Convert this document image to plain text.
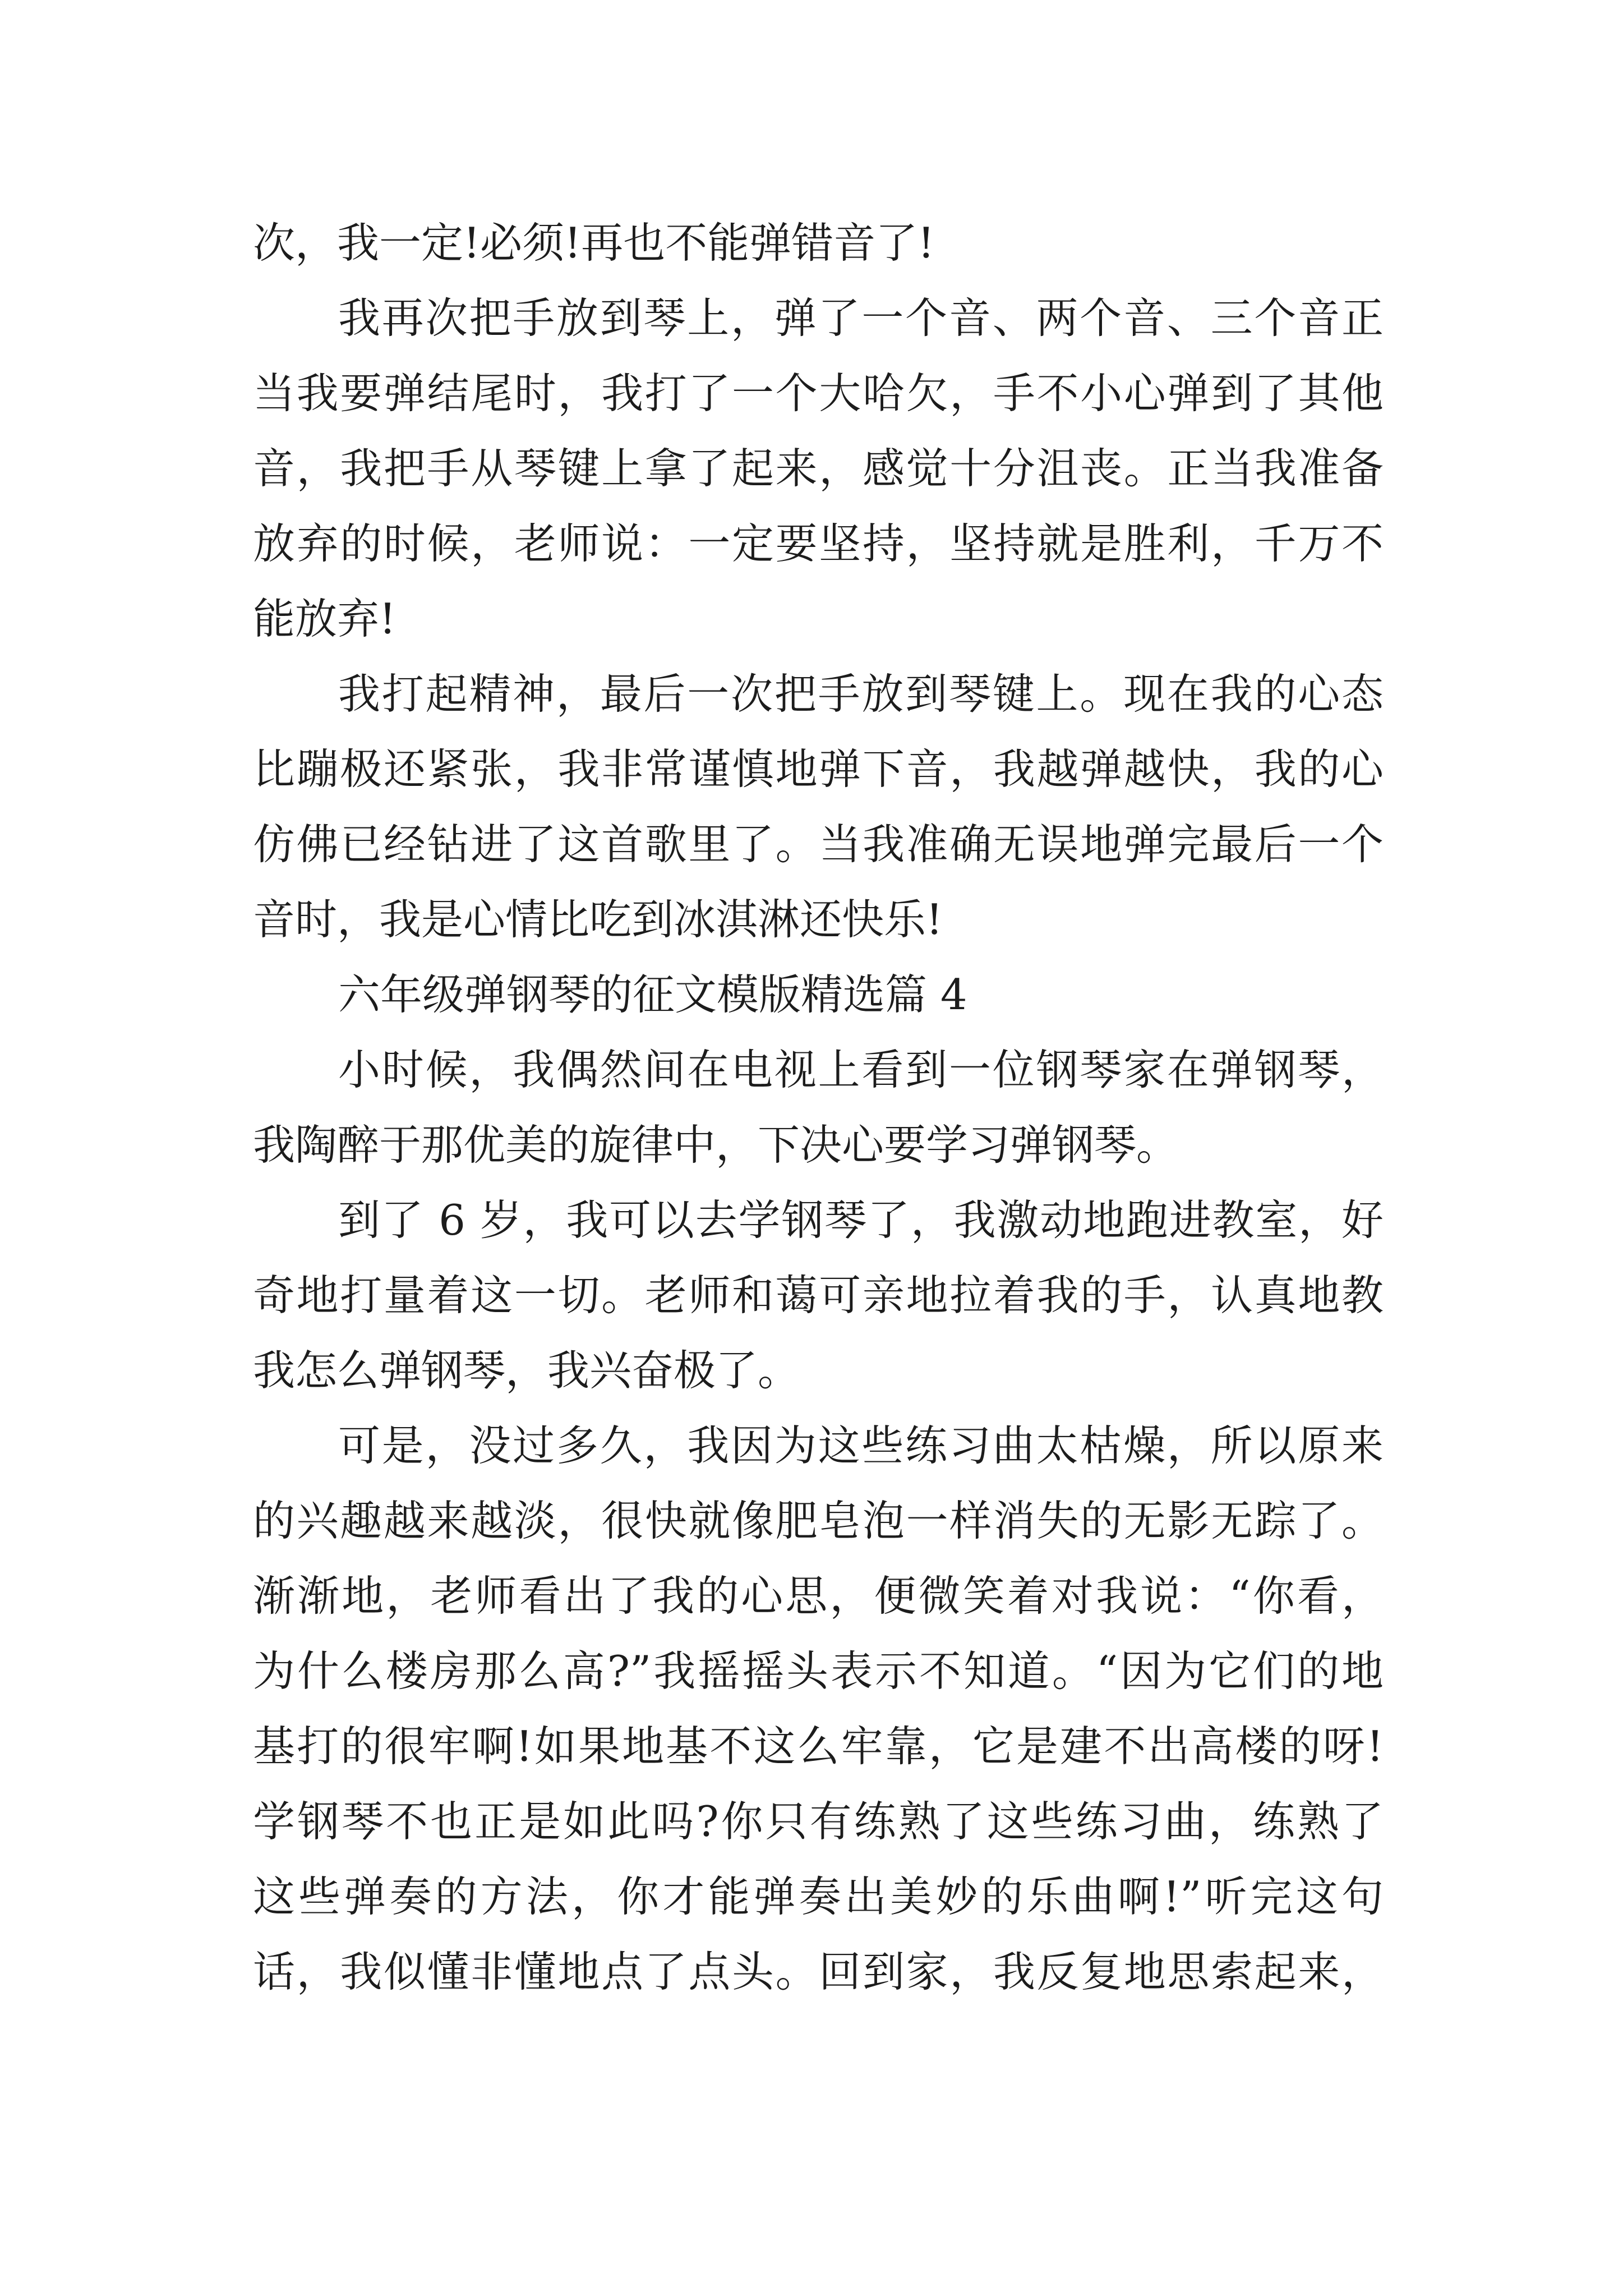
次，我一定!必须!再也不能弹错音了!
我再次把手放到琴上，弹了一个音、两个音、三个音正
当我要弹结尾时，我打了一个大哈欠，手不小心弹到了其他
音，我把手从琴键上拿了起来，感觉十分沮丧。正当我准备
放弃的时候，老师说：一定要坚持，坚持就是胜利，千万不
能放弃!
我打起精神，最后一次把手放到琴键上。现在我的心态
比蹦极还紧张，我非常谨慎地弹下音，我越弹越快，我的心
仿佛已经钻进了这首歌里了。当我准确无误地弹完最后一个
音时，我是心情比吃到冰淇淋还快乐!
六年级弹钢琴的征文模版精选篇 4
小时候，我偶然间在电视上看到一位钢琴家在弹钢琴，
我陶醉于那优美的旋律中，下决心要学习弹钢琴。
到了 6 岁，我可以去学钢琴了，我激动地跑进教室，好
奇地打量着这一切。老师和蔼可亲地拉着我的手，认真地教
我怎么弹钢琴，我兴奋极了。
可是，没过多久，我因为这些练习曲太枯燥，所以原来
的兴趣越来越淡，很快就像肥皂泡一样消失的无影无踪了。
渐渐地，老师看出了我的心思，便微笑着对我说：“你看，
为什么楼房那么高?”我摇摇头表示不知道。“因为它们的地
基打的很牢啊!如果地基不这么牢靠，它是建不出高楼的呀!
学钢琴不也正是如此吗?你只有练熟了这些练习曲，练熟了
这些弹奏的方法，你才能弹奏出美妙的乐曲啊!”听完这句
话，我似懂非懂地点了点头。回到家，我反复地思索起来，
